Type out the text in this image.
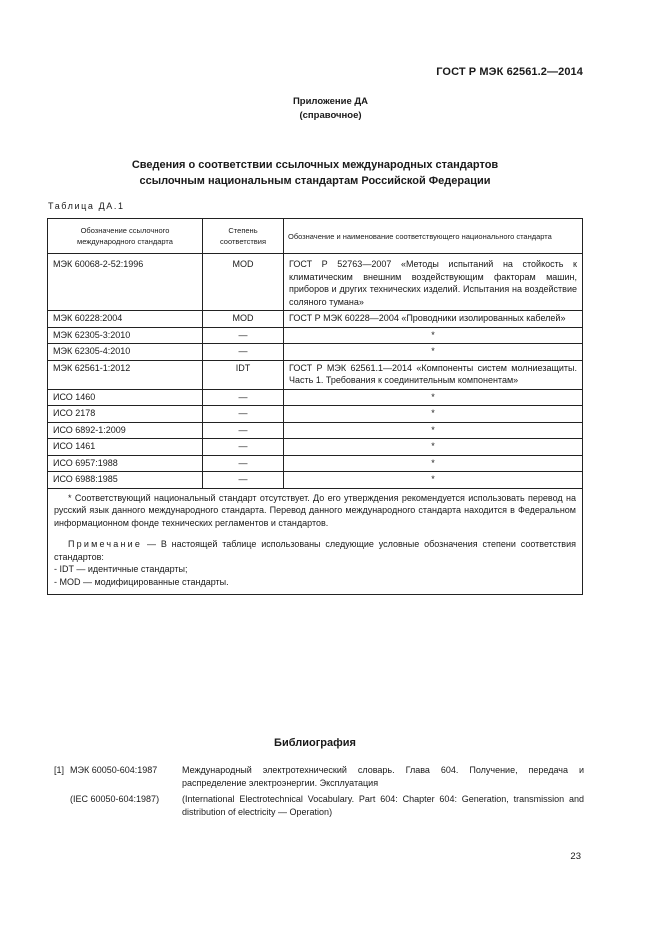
ГОСТ Р МЭК 62561.2—2014
Приложение ДА
(справочное)
Сведения о соответствии ссылочных международных стандартов
ссылочным национальным стандартам Российской Федерации
Таблица ДА.1
Обозначение ссылочного международного стандарта	Степень соответствия	Обозначение и наименование соответствующего национального стандарта
МЭК 60068-2-52:1996	MOD	ГОСТ Р 52763—2007 «Методы испытаний на стойкость к климатическим внешним воздействующим факторам машин, приборов и других технических изделий. Испытания на воздействие соляного тумана»
МЭК 60228:2004	MOD	ГОСТ Р МЭК 60228—2004 «Проводники изолированных кабелей»
МЭК 62305-3:2010	—	*
МЭК 62305-4:2010	—	*
МЭК 62561-1:2012	IDT	ГОСТ Р МЭК 62561.1—2014 «Компоненты систем молниезащиты. Часть 1. Требования к соединительным компонентам»
ИСО 1460	—	*
ИСО 2178	—	*
ИСО 6892-1:2009	—	*
ИСО 1461	—	*
ИСО 6957:1988	—	*
ИСО 6988:1985	—	*

* Соответствующий национальный стандарт отсутствует. До его утверждения рекомендуется использовать перевод на русский язык данного международного стандарта. Перевод данного международного стандарта находится в Федеральном информационном фонде технических регламентов и стандартов.
Примечание — В настоящей таблице использованы следующие условные обозначения степени соответствия стандартов:
- IDT — идентичные стандарты;
- MOD — модифицированные стандарты.		
Библиография
[1] МЭК 60050-604:1987	Международный электротехнический словарь. Глава 604. Получение, передача и распределение электроэнергии. Эксплуатация
(IEC 60050-604:1987)	(International Electrotechnical Vocabulary. Part 604: Chapter 604: Generation, transmission and distribution of electricity — Operation)
23
